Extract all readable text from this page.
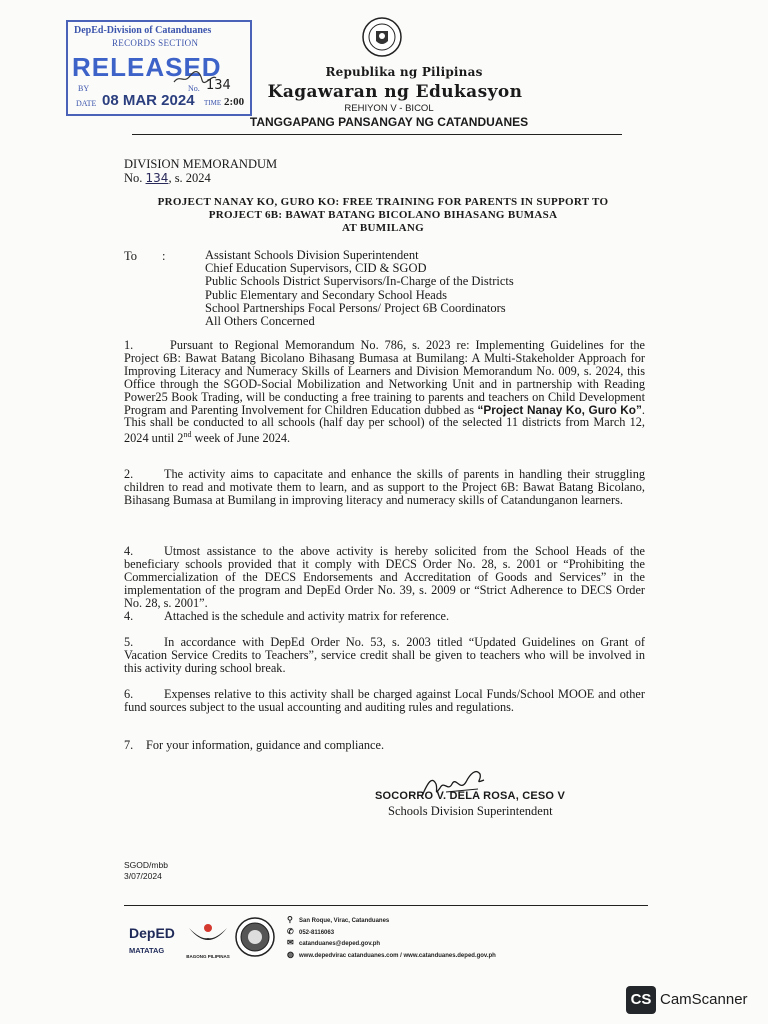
DepEd-Division of Catanduanes
RECORDS SECTION
RELEASED
BY	No. 134
DATE 08 MAR 2024 TIME 2:00
Republika ng Pilipinas
Kagawaran ng Edukasyon
REHIYON V - BICOL
TANGGAPANG PANSANGAY NG CATANDUANES
DIVISION MEMORANDUM
No. 134, s. 2024
PROJECT NANAY KO, GURO KO: FREE TRAINING FOR PARENTS IN SUPPORT TO
PROJECT 6B: BAWAT BATANG BICOLANO BIHASANG BUMASA
AT BUMILANG
To :	Assistant Schools Division Superintendent
Chief Education Supervisors, CID & SGOD
Public Schools District Supervisors/In-Charge of the Districts
Public Elementary and Secondary School Heads
School Partnerships Focal Persons/ Project 6B Coordinators
All Others Concerned
1.	Pursuant to Regional Memorandum No. 786, s. 2023 re: Implementing Guidelines for the Project 6B: Bawat Batang Bicolano Bihasang Bumasa at Bumilang: A Multi-Stakeholder Approach for Improving Literacy and Numeracy Skills of Learners and Division Memorandum No. 009, s. 2024, this Office through the SGOD-Social Mobilization and Networking Unit and in partnership with Reading Power25 Book Trading, will be conducting a free training to parents and teachers on Child Development Program and Parenting Involvement for Children Education dubbed as “Project Nanay Ko, Guro Ko”. This shall be conducted to all schools (half day per school) of the selected 11 districts from March 12, 2024 until 2nd week of June 2024.
2.	The activity aims to capacitate and enhance the skills of parents in handling their struggling children to read and motivate them to learn, and as support to the Project 6B: Bawat Batang Bicolano, Bihasang Bumasa at Bumilang in improving literacy and numeracy skills of Catandunganon learners.
4.	Utmost assistance to the above activity is hereby solicited from the School Heads of the beneficiary schools provided that it comply with DECS Order No. 28, s. 2001 or “Prohibiting the Commercialization of the DECS Endorsements and Accreditation of Goods and Services” in the implementation of the program and DepEd Order No. 39, s. 2009 or “Strict Adherence to DECS Order No. 28, s. 2001”.
4.	Attached is the schedule and activity matrix for reference.
5.	In accordance with DepEd Order No. 53, s. 2003 titled “Updated Guidelines on Grant of Vacation Service Credits to Teachers”, service credit shall be given to teachers who will be involved in this activity during school break.
6.	Expenses relative to this activity shall be charged against Local Funds/School MOOE and other fund sources subject to the usual accounting and auditing rules and regulations.
7. For your information, guidance and compliance.
SOCORRO V. DELA ROSA, CESO V
Schools Division Superintendent
SGOD/mbb
3/07/2024
DepED
MATATAG
BAGONG PILIPINAS
⚲ San Roque, Virac, Catanduanes
✆ 052-8116063
✉ catanduanes@deped.gov.ph
◍ www.depedvirac catanduanes.com / www.catanduanes.deped.gov.ph
CS CamScanner
